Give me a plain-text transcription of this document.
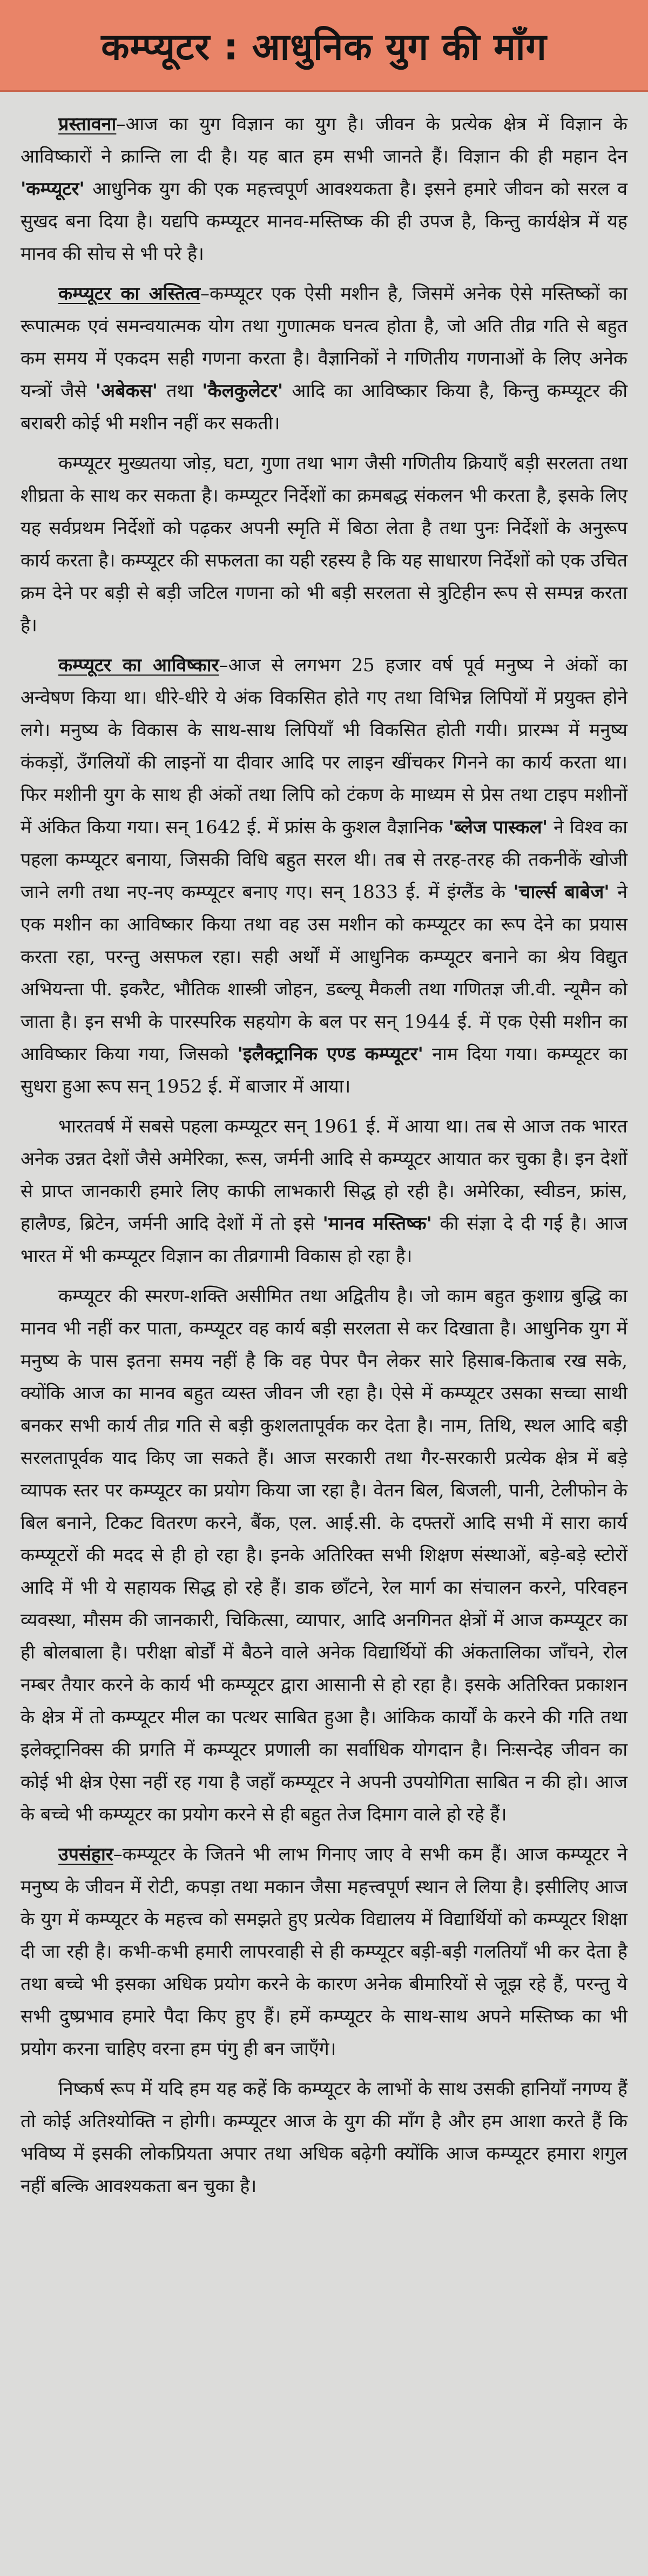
कम्प्यूटर : आधुनिक युग की माँग

प्रस्तावना–आज का युग विज्ञान का युग है। जीवन के प्रत्येक क्षेत्र में विज्ञान के आविष्कारों ने क्रान्ति ला दी है। यह बात हम सभी जानते हैं। विज्ञान की ही महान देन 'कम्प्यूटर' आधुनिक युग की एक महत्त्वपूर्ण आवश्यकता है। इसने हमारे जीवन को सरल व सुखद बना दिया है। यद्यपि कम्प्यूटर मानव-मस्तिष्क की ही उपज है, किन्तु कार्यक्षेत्र में यह मानव की सोच से भी परे है।

कम्प्यूटर का अस्तित्व–कम्प्यूटर एक ऐसी मशीन है, जिसमें अनेक ऐसे मस्तिष्कों का रूपात्मक एवं समन्वयात्मक योग तथा गुणात्मक घनत्व होता है, जो अति तीव्र गति से बहुत कम समय में एकदम सही गणना करता है। वैज्ञानिकों ने गणितीय गणनाओं के लिए अनेक यन्त्रों जैसे 'अबेकस' तथा 'कैलकुलेटर' आदि का आविष्कार किया है, किन्तु कम्प्यूटर की बराबरी कोई भी मशीन नहीं कर सकती।

कम्प्यूटर मुख्यतया जोड़, घटा, गुणा तथा भाग जैसी गणितीय क्रियाएँ बड़ी सरलता तथा शीघ्रता के साथ कर सकता है। कम्प्यूटर निर्देशों का क्रमबद्ध संकलन भी करता है, इसके लिए यह सर्वप्रथम निर्देशों को पढ़कर अपनी स्मृति में बिठा लेता है तथा पुनः निर्देशों के अनुरूप कार्य करता है। कम्प्यूटर की सफलता का यही रहस्य है कि यह साधारण निर्देशों को एक उचित क्रम देने पर बड़ी से बड़ी जटिल गणना को भी बड़ी सरलता से त्रुटिहीन रूप से सम्पन्न करता है।

कम्प्यूटर का आविष्कार–आज से लगभग 25 हजार वर्ष पूर्व मनुष्य ने अंकों का अन्वेषण किया था। धीरे-धीरे ये अंक विकसित होते गए तथा विभिन्न लिपियों में प्रयुक्त होने लगे। मनुष्य के विकास के साथ-साथ लिपियाँ भी विकसित होती गयी। प्रारम्भ में मनुष्य कंकड़ों, उँगलियों की लाइनों या दीवार आदि पर लाइन खींचकर गिनने का कार्य करता था। फिर मशीनी युग के साथ ही अंकों तथा लिपि को टंकण के माध्यम से प्रेस तथा टाइप मशीनों में अंकित किया गया। सन् 1642 ई. में फ्रांस के कुशल वैज्ञानिक 'ब्लेज पास्कल' ने विश्व का पहला कम्प्यूटर बनाया, जिसकी विधि बहुत सरल थी। तब से तरह-तरह की तकनीकें खोजी जाने लगी तथा नए-नए कम्प्यूटर बनाए गए। सन् 1833 ई. में इंग्लैंड के 'चार्ल्स बाबेज' ने एक मशीन का आविष्कार किया तथा वह उस मशीन को कम्प्यूटर का रूप देने का प्रयास करता रहा, परन्तु असफल रहा। सही अर्थों में आधुनिक कम्प्यूटर बनाने का श्रेय विद्युत अभियन्ता पी. इकरैट, भौतिक शास्त्री जोहन, डब्ल्यू मैकली तथा गणितज्ञ जी.वी. न्यूमैन को जाता है। इन सभी के पारस्परिक सहयोग के बल पर सन् 1944 ई. में एक ऐसी मशीन का आविष्कार किया गया, जिसको 'इलैक्ट्रानिक एण्ड कम्प्यूटर' नाम दिया गया। कम्प्यूटर का सुधरा हुआ रूप सन् 1952 ई. में बाजार में आया।

भारतवर्ष में सबसे पहला कम्प्यूटर सन् 1961 ई. में आया था। तब से आज तक भारत अनेक उन्नत देशों जैसे अमेरिका, रूस, जर्मनी आदि से कम्प्यूटर आयात कर चुका है। इन देशों से प्राप्त जानकारी हमारे लिए काफी लाभकारी सिद्ध हो रही है। अमेरिका, स्वीडन, फ्रांस, हालैण्ड, ब्रिटेन, जर्मनी आदि देशों में तो इसे 'मानव मस्तिष्क' की संज्ञा दे दी गई है। आज भारत में भी कम्प्यूटर विज्ञान का तीव्रगामी विकास हो रहा है।

कम्प्यूटर की स्मरण-शक्ति असीमित तथा अद्वितीय है। जो काम बहुत कुशाग्र बुद्धि का मानव भी नहीं कर पाता, कम्प्यूटर वह कार्य बड़ी सरलता से कर दिखाता है। आधुनिक युग में मनुष्य के पास इतना समय नहीं है कि वह पेपर पैन लेकर सारे हिसाब-किताब रख सके, क्योंकि आज का मानव बहुत व्यस्त जीवन जी रहा है। ऐसे में कम्प्यूटर उसका सच्चा साथी बनकर सभी कार्य तीव्र गति से बड़ी कुशलतापूर्वक कर देता है। नाम, तिथि, स्थल आदि बड़ी सरलतापूर्वक याद किए जा सकते हैं। आज सरकारी तथा गैर-सरकारी प्रत्येक क्षेत्र में बड़े व्यापक स्तर पर कम्प्यूटर का प्रयोग किया जा रहा है। वेतन बिल, बिजली, पानी, टेलीफोन के बिल बनाने, टिकट वितरण करने, बैंक, एल. आई.सी. के दफ्तरों आदि सभी में सारा कार्य कम्प्यूटरों की मदद से ही हो रहा है। इनके अतिरिक्त सभी शिक्षण संस्थाओं, बड़े-बड़े स्टोरों आदि में भी ये सहायक सिद्ध हो रहे हैं। डाक छाँटने, रेल मार्ग का संचालन करने, परिवहन व्यवस्था, मौसम की जानकारी, चिकित्सा, व्यापार, आदि अनगिनत क्षेत्रों में आज कम्प्यूटर का ही बोलबाला है। परीक्षा बोर्डों में बैठने वाले अनेक विद्यार्थियों की अंकतालिका जाँचने, रोल नम्बर तैयार करने के कार्य भी कम्प्यूटर द्वारा आसानी से हो रहा है। इसके अतिरिक्त प्रकाशन के क्षेत्र में तो कम्प्यूटर मील का पत्थर साबित हुआ है। आंकिक कार्यों के करने की गति तथा इलेक्ट्रानिक्स की प्रगति में कम्प्यूटर प्रणाली का सर्वाधिक योगदान है। निःसन्देह जीवन का कोई भी क्षेत्र ऐसा नहीं रह गया है जहाँ कम्प्यूटर ने अपनी उपयोगिता साबित न की हो। आज के बच्चे भी कम्प्यूटर का प्रयोग करने से ही बहुत तेज दिमाग वाले हो रहे हैं।

उपसंहार–कम्प्यूटर के जितने भी लाभ गिनाए जाए वे सभी कम हैं। आज कम्प्यूटर ने मनुष्य के जीवन में रोटी, कपड़ा तथा मकान जैसा महत्त्वपूर्ण स्थान ले लिया है। इसीलिए आज के युग में कम्प्यूटर के महत्त्व को समझते हुए प्रत्येक विद्यालय में विद्यार्थियों को कम्प्यूटर शिक्षा दी जा रही है। कभी-कभी हमारी लापरवाही से ही कम्प्यूटर बड़ी-बड़ी गलतियाँ भी कर देता है तथा बच्चे भी इसका अधिक प्रयोग करने के कारण अनेक बीमारियों से जूझ रहे हैं, परन्तु ये सभी दुष्प्रभाव हमारे पैदा किए हुए हैं। हमें कम्प्यूटर के साथ-साथ अपने मस्तिष्क का भी प्रयोग करना चाहिए वरना हम पंगु ही बन जाएँगे।

निष्कर्ष रूप में यदि हम यह कहें कि कम्प्यूटर के लाभों के साथ उसकी हानियाँ नगण्य हैं तो कोई अतिश्योक्ति न होगी। कम्प्यूटर आज के युग की माँग है और हम आशा करते हैं कि भविष्य में इसकी लोकप्रियता अपार तथा अधिक बढ़ेगी क्योंकि आज कम्प्यूटर हमारा शगुल नहीं बल्कि आवश्यकता बन चुका है।
